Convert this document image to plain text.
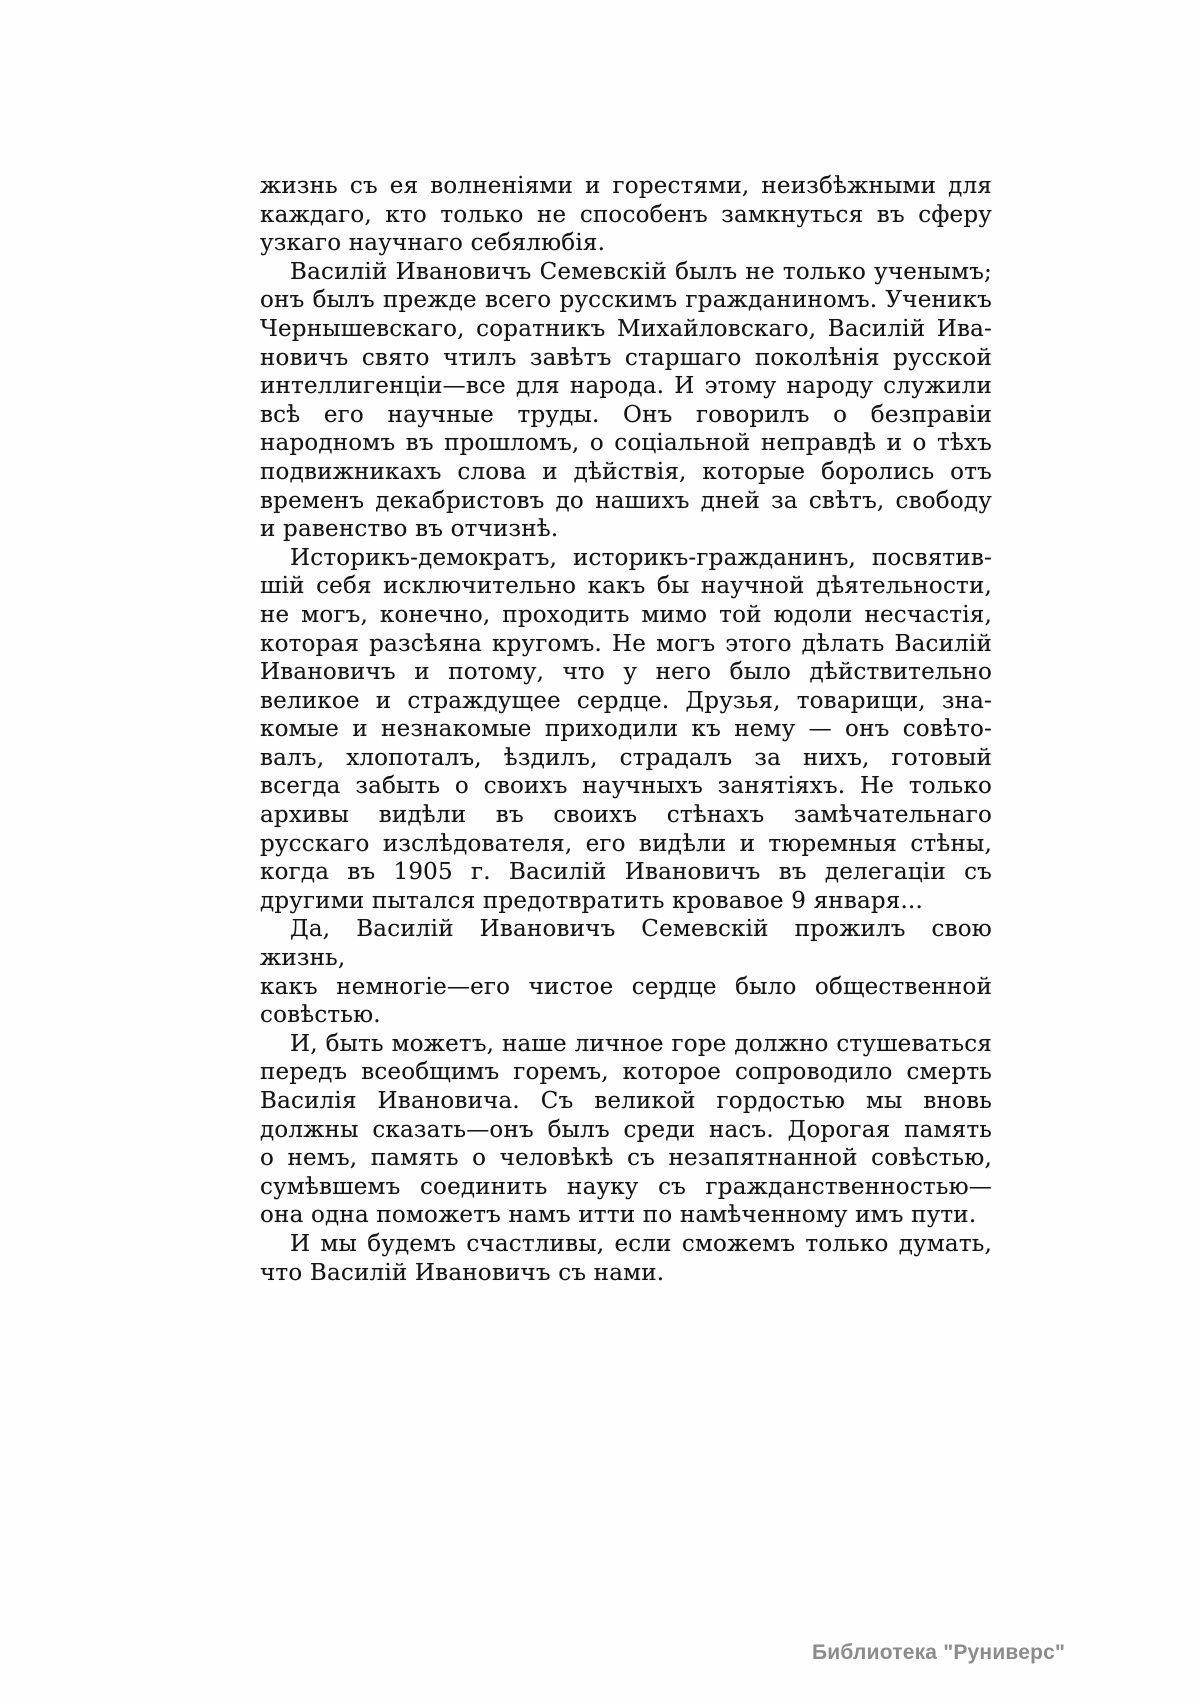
жизнь съ ея волненіями и горестями, неизбѣжными для
каждаго, кто только не способенъ замкнуться въ сферу
узкаго научнаго себялюбія.
Василій Ивановичъ Семевскій былъ не только ученымъ;
онъ былъ прежде всего русскимъ гражданиномъ. Ученикъ
Чернышевскаго, соратникъ Михайловскаго, Василій Ива-
новичъ свято чтилъ завѣтъ старшаго поколѣнія русской
интеллигенціи—все для народа. И этому народу служили
всѣ его научные труды. Онъ говорилъ о безправіи
народномъ въ прошломъ, о соціальной неправдѣ и о тѣхъ
подвижникахъ слова и дѣйствія, которые боролись отъ
временъ декабристовъ до нашихъ дней за свѣтъ, свободу
и равенство въ отчизнѣ.
Историкъ-демократъ, историкъ-гражданинъ, посвятив-
шій себя исключительно какъ бы научной дѣятельности,
не могъ, конечно, проходить мимо той юдоли несчастія,
которая разсѣяна кругомъ. Не могъ этого дѣлать Василій
Ивановичъ и потому, что у него было дѣйствительно
великое и страждущее сердце. Друзья, товарищи, зна-
комые и незнакомые приходили къ нему — онъ совѣто-
валъ, хлопоталъ, ѣздилъ, страдалъ за нихъ, готовый
всегда забыть о своихъ научныхъ занятіяхъ. Не только
архивы видѣли въ своихъ стѣнахъ замѣчательнаго
русскаго изслѣдователя, его видѣли и тюремныя стѣны,
когда въ 1905 г. Василій Ивановичъ въ делегаціи съ
другими пытался предотвратить кровавое 9 января...
Да, Василій Ивановичъ Семевскій прожилъ свою жизнь,
какъ немногіе—его чистое сердце было общественной
совѣстью.
И, быть можетъ, наше личное горе должно стушеваться
передъ всеобщимъ горемъ, которое сопроводило смерть
Василія Ивановича. Съ великой гордостью мы вновь
должны сказать—онъ былъ среди насъ. Дорогая память
о немъ, память о человѣкѣ съ незапятнанной совѣстью,
сумѣвшемъ соединить науку съ гражданственностью—
она одна поможетъ намъ итти по намѣченному имъ пути.
И мы будемъ счастливы, если сможемъ только думать,
что Василій Ивановичъ съ нами.
Библиотека "Руниверс"
